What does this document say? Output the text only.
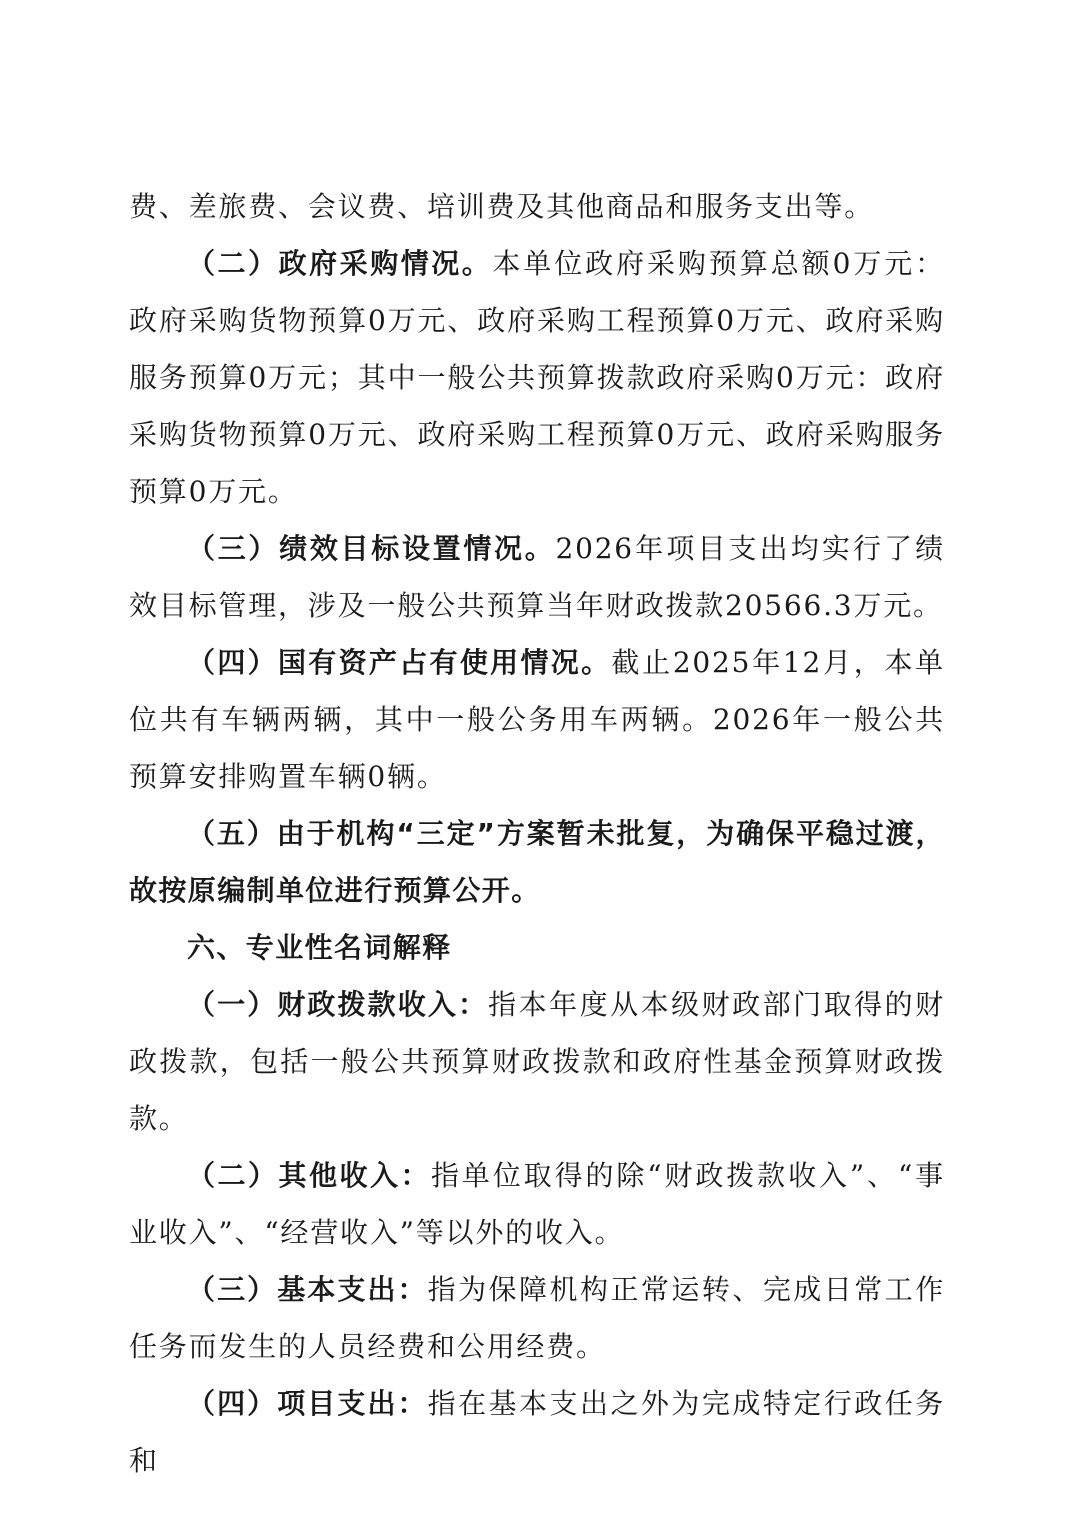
费、差旅费、会议费、培训费及其他商品和服务支出等。

（二）政府采购情况。本单位政府采购预算总额0万元：政府采购货物预算0万元、政府采购工程预算0万元、政府采购服务预算0万元；其中一般公共预算拨款政府采购0万元：政府采购货物预算0万元、政府采购工程预算0万元、政府采购服务预算0万元。

（三）绩效目标设置情况。2026年项目支出均实行了绩效目标管理，涉及一般公共预算当年财政拨款20566.3万元。

（四）国有资产占有使用情况。截止2025年12月，本单位共有车辆两辆，其中一般公务用车两辆。2026年一般公共预算安排购置车辆0辆。

（五）由于机构“三定”方案暂未批复，为确保平稳过渡，故按原编制单位进行预算公开。

六、专业性名词解释

（一）财政拨款收入：指本年度从本级财政部门取得的财政拨款，包括一般公共预算财政拨款和政府性基金预算财政拨款。

（二）其他收入：指单位取得的除“财政拨款收入”、“事业收入”、“经营收入”等以外的收入。

（三）基本支出：指为保障机构正常运转、完成日常工作任务而发生的人员经费和公用经费。

（四）项目支出：指在基本支出之外为完成特定行政任务和
